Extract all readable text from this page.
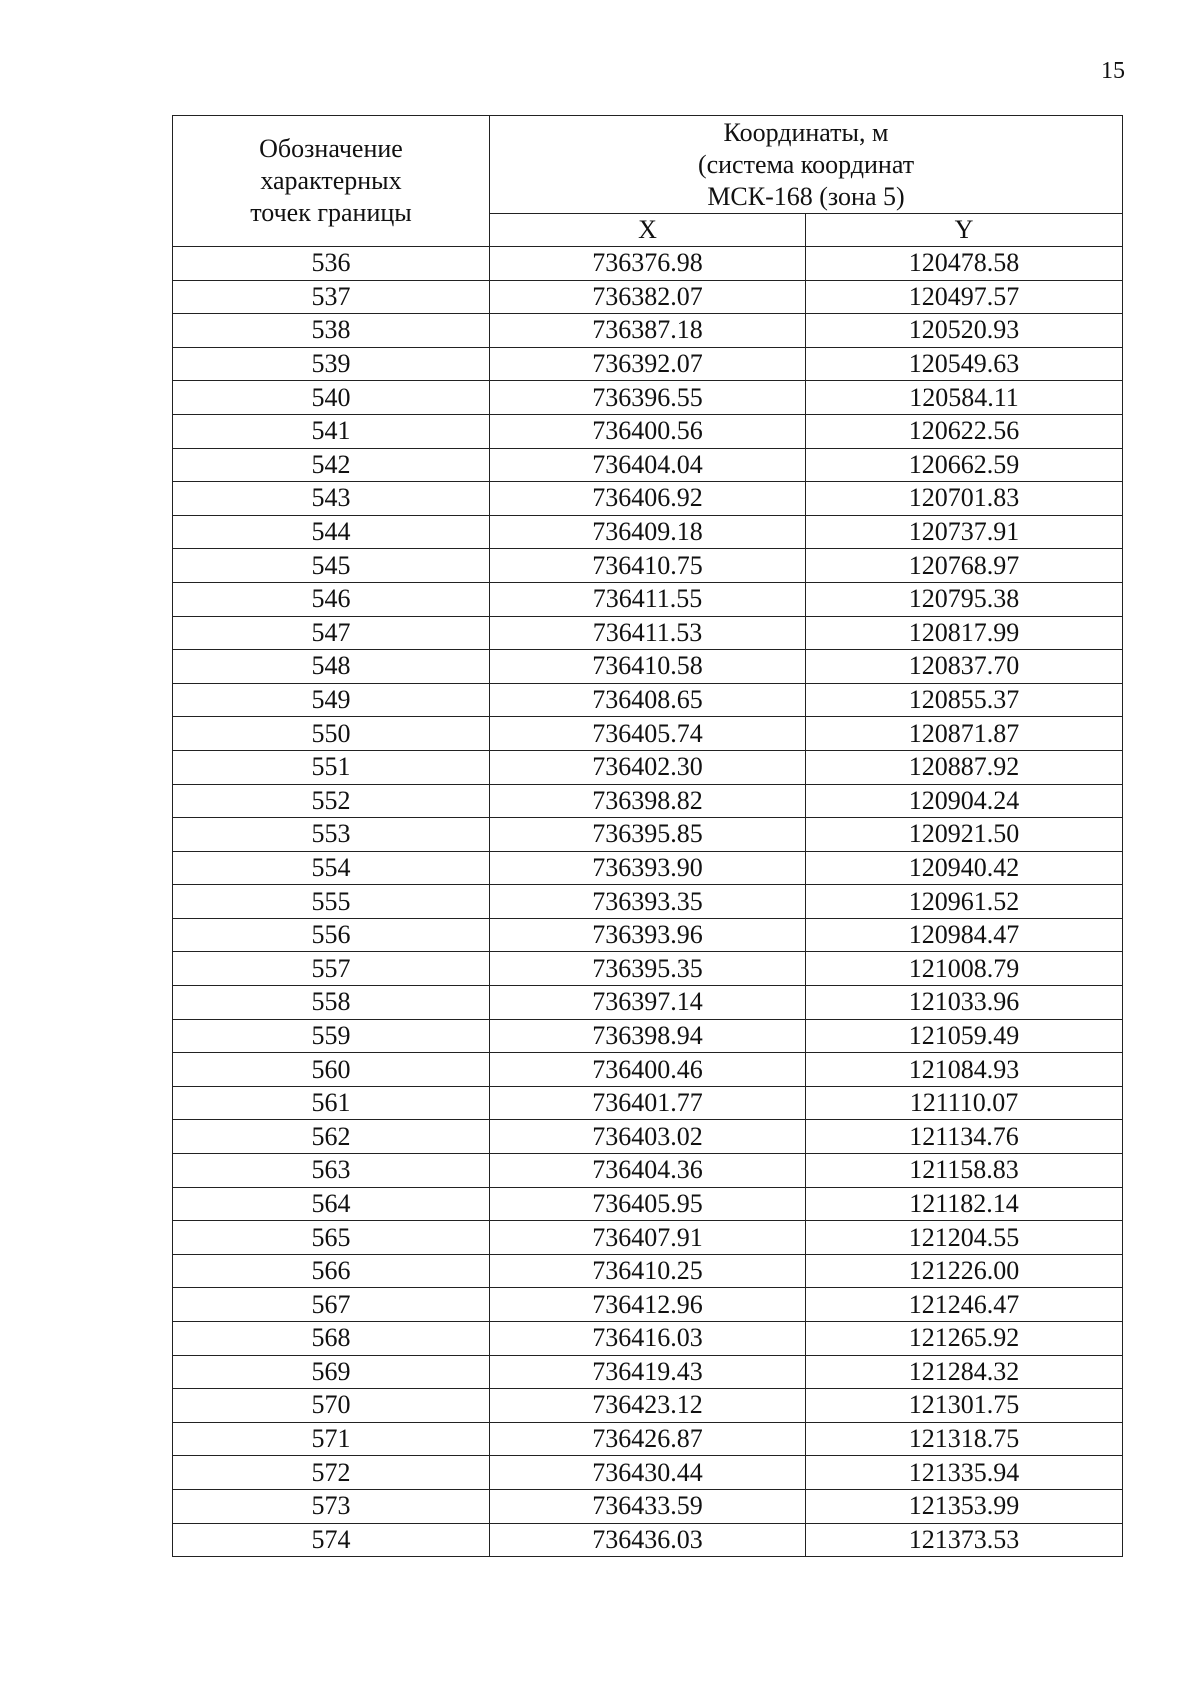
15
Обозначение
характерных
точек границы	Координаты, м
(система координат
МСК-168 (зона 5)	

	X	Y
536	736376.98	120478.58
537	736382.07	120497.57
538	736387.18	120520.93
539	736392.07	120549.63
540	736396.55	120584.11
541	736400.56	120622.56
542	736404.04	120662.59
543	736406.92	120701.83
544	736409.18	120737.91
545	736410.75	120768.97
546	736411.55	120795.38
547	736411.53	120817.99
548	736410.58	120837.70
549	736408.65	120855.37
550	736405.74	120871.87
551	736402.30	120887.92
552	736398.82	120904.24
553	736395.85	120921.50
554	736393.90	120940.42
555	736393.35	120961.52
556	736393.96	120984.47
557	736395.35	121008.79
558	736397.14	121033.96
559	736398.94	121059.49
560	736400.46	121084.93
561	736401.77	121110.07
562	736403.02	121134.76
563	736404.36	121158.83
564	736405.95	121182.14
565	736407.91	121204.55
566	736410.25	121226.00
567	736412.96	121246.47
568	736416.03	121265.92
569	736419.43	121284.32
570	736423.12	121301.75
571	736426.87	121318.75
572	736430.44	121335.94
573	736433.59	121353.99
574	736436.03	121373.53
